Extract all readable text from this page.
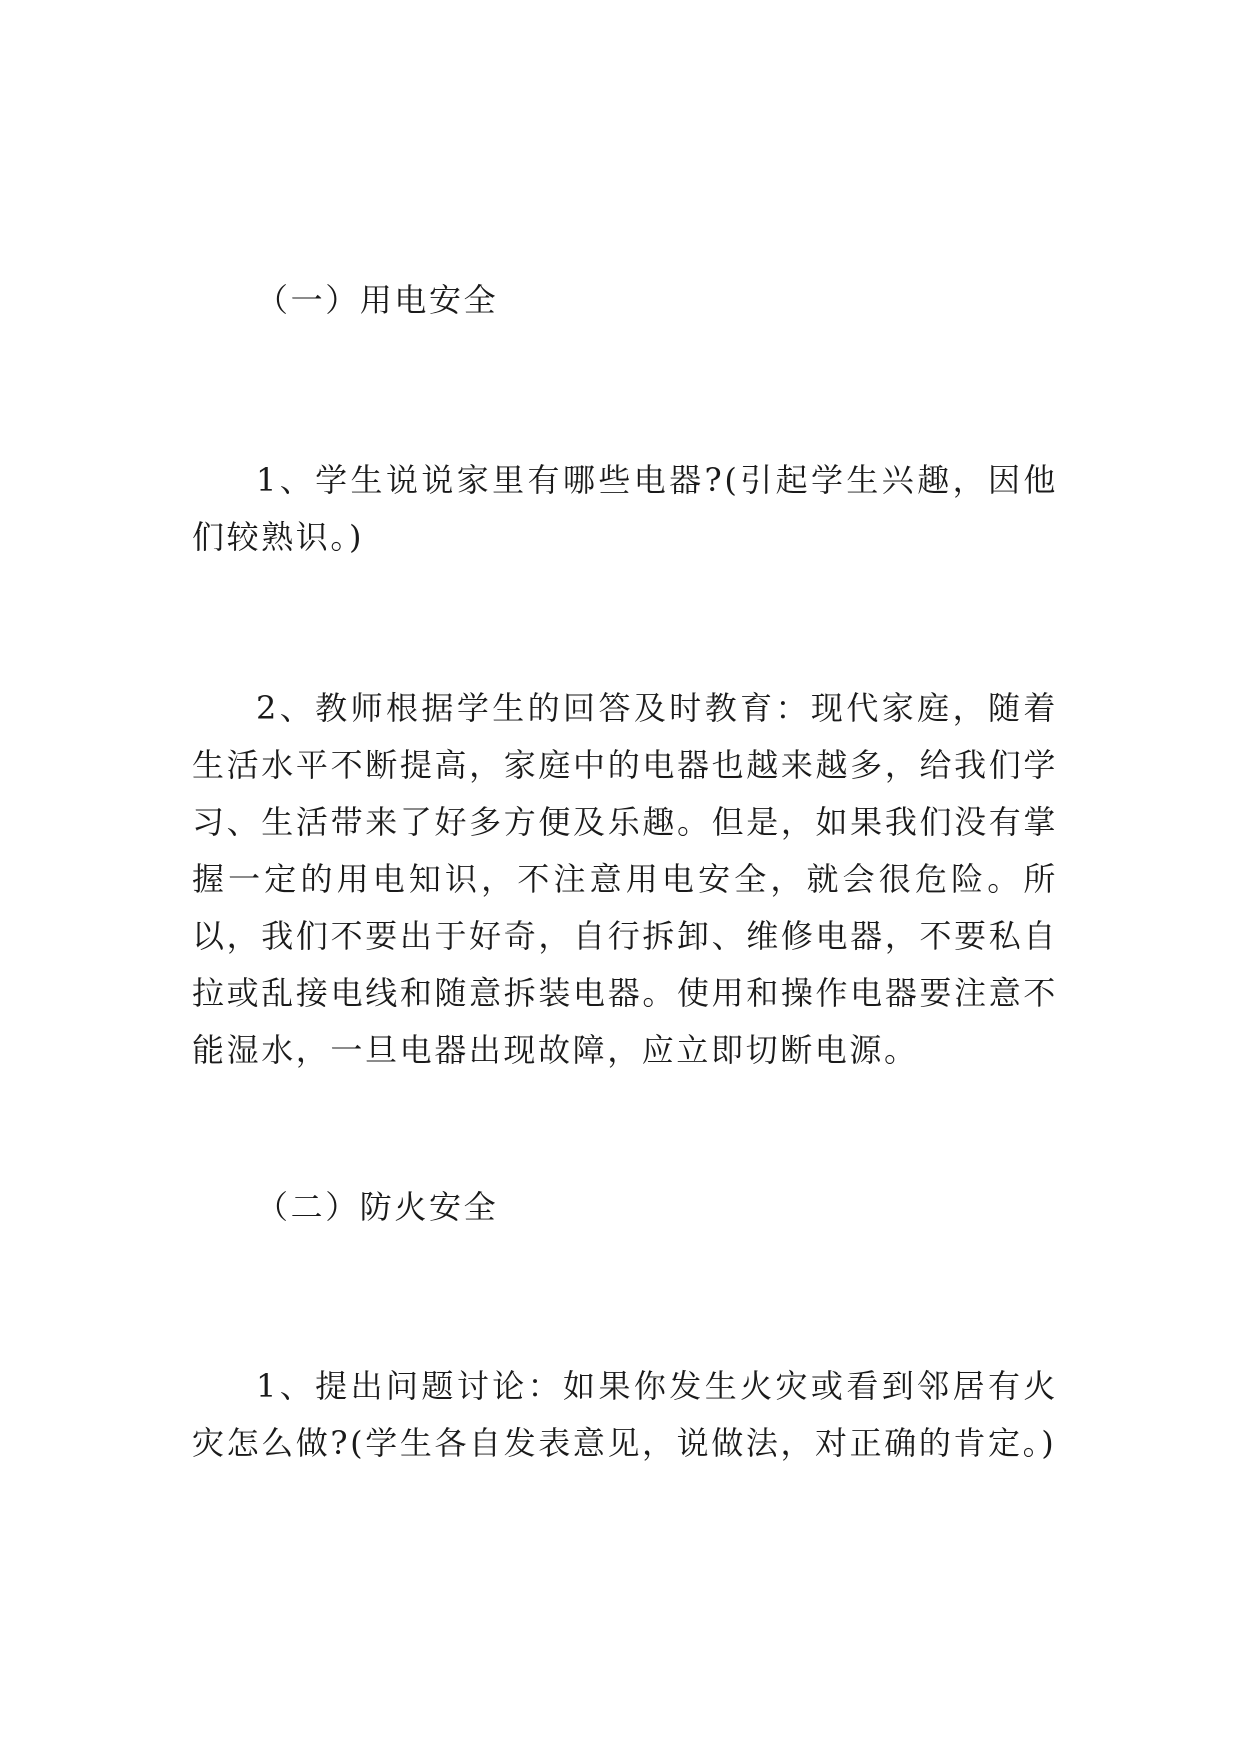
（一）用电安全

1、学生说说家里有哪些电器?(引起学生兴趣，因他们较熟识。)

2、教师根据学生的回答及时教育：现代家庭，随着生活水平不断提高，家庭中的电器也越来越多，给我们学习、生活带来了好多方便及乐趣。但是，如果我们没有掌握一定的用电知识，不注意用电安全，就会很危险。所以，我们不要出于好奇，自行拆卸、维修电器，不要私自拉或乱接电线和随意拆装电器。使用和操作电器要注意不能湿水，一旦电器出现故障，应立即切断电源。

（二）防火安全

1、提出问题讨论：如果你发生火灾或看到邻居有火灾怎么做?(学生各自发表意见，说做法，对正确的肯定。)
